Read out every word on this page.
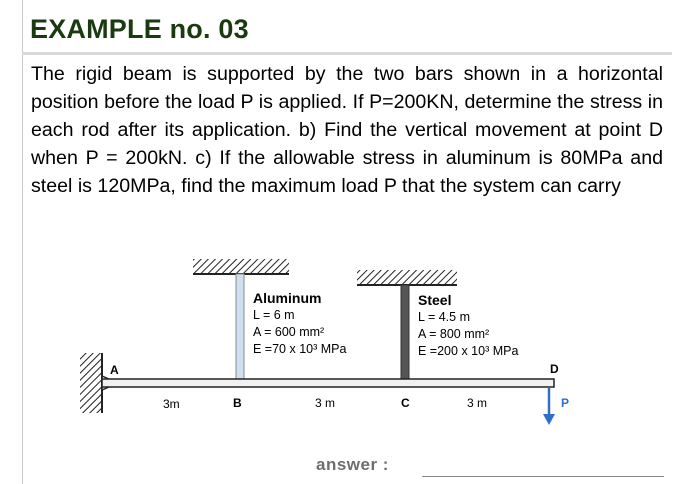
EXAMPLE no. 03

The rigid beam is supported by the two bars shown in a horizontal position before the load P is applied. If P=200KN, determine the stress in each rod after its application. b) Find the vertical movement at point D when P = 200kN. c) If the allowable stress in aluminum is 80MPa and steel is 120MPa, find the maximum load P that the system can carry

Aluminum
L = 6 m
A = 600 mm²
E =70 x 10³ MPa
Steel
L = 4.5 m
A = 800 mm²
E =200 x 10³ MPa
A
B	C
D
P
3m	3 m	3 m
answer :
